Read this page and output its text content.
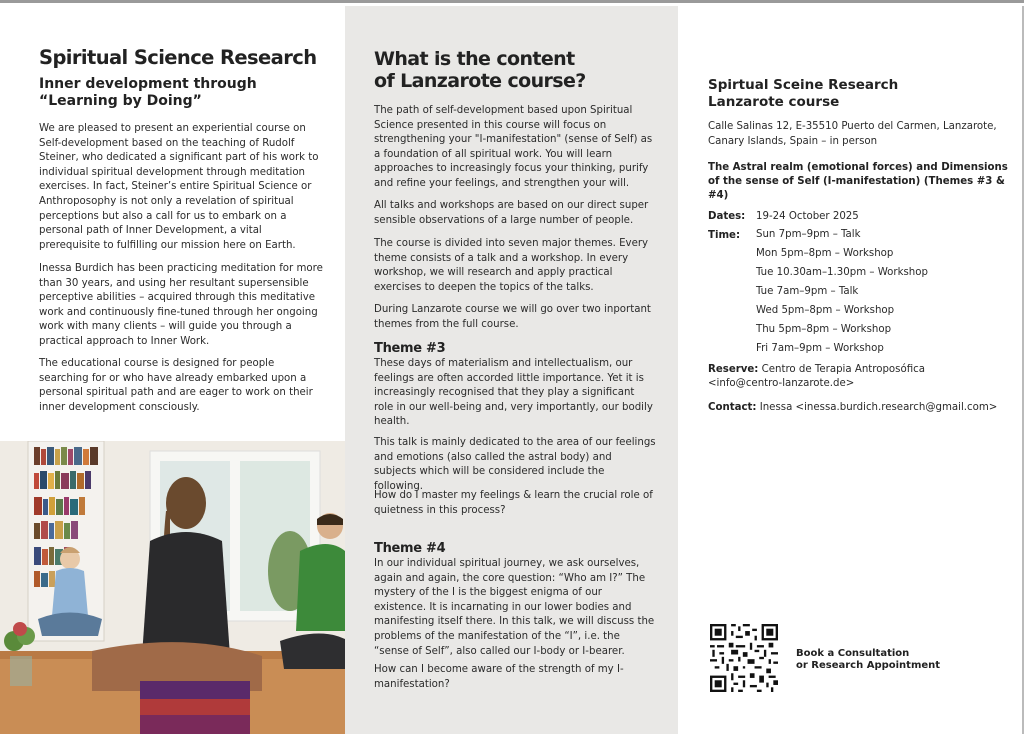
Spiritual Science Research
Inner development through
“Learning by Doing”

We are pleased to present an experiential course on Self-development based on the teaching of Rudolf Steiner, who dedicated a significant part of his work to individual spiritual development through meditation exercises. In fact, Steiner’s entire Spiritual Science or Anthroposophy is not only a revelation of spiritual perceptions but also a call for us to embark on a personal path of Inner Development, a vital prerequisite to fulfilling our mission here on Earth.

Inessa Burdich has been practicing meditation for more than 30 years, and using her resultant supersensible perceptive abilities – acquired through this meditative work and continuously fine-tuned through her ongoing work with many clients – will guide you through a practical approach to Inner Work.

The educational course is designed for people searching for or who have already embarked upon a personal spiritual path and are eager to work on their inner development consciously.

What is the content
of Lanzarote course?

The path of self-development based upon Spiritual Science presented in this course will focus on strengthening your "I-manifestation" (sense of Self) as a foundation of all spiritual work. You will learn approaches to increasingly focus your thinking, purify and refine your feelings, and strengthen your will.

All talks and workshops are based on our direct super sensible observations of a large number of people.

The course is divided into seven major themes. Every theme consists of a talk and a workshop. In every workshop, we will research and apply practical exercises to deepen the topics of the talks.

During Lanzarote course we will go over two inportant themes from the full course.

Theme #3

These days of materialism and intellectualism, our feelings are often accorded little importance. Yet it is increasingly recognised that they play a significant role in our well-being and, very importantly, our bodily health.

This talk is mainly dedicated to the area of our feelings and emotions (also called the astral body) and subjects which will be considered include the following.

How do I master my feelings & learn the crucial role of quietness in this process?

Theme #4

In our individual spiritual journey, we ask ourselves, again and again, the core question: “Who am I?” The mystery of the I is the biggest enigma of our existence. It is incarnating in our lower bodies and manifesting itself there. In this talk, we will discuss the problems of the manifestation of the “I”, i.e. the “sense of Self”, also called our I-body or I-bearer.

How can I become aware of the strength of my I-manifestation?

Spirtual Sceine Research
Lanzarote course

Calle Salinas 12, E-35510 Puerto del Carmen, Lanzarote, Canary Islands, Spain – in person

The Astral realm (emotional forces) and Dimensions of the sense of Self (I-manifestation) (Themes #3 & #4)

Dates: 19-24 October 2025
Time: Sun 7pm–9pm – Talk
Mon 5pm–8pm – Workshop
Tue 10.30am–1.30pm – Workshop
Tue 7am–9pm – Talk
Wed 5pm–8pm – Workshop
Thu 5pm–8pm – Workshop
Fri 7am–9pm – Workshop
Reserve: Centro de Terapia Antroposófica
<info@centro-lanzarote.de>
Contact: Inessa <inessa.burdich.research@gmail.com>
Book a Consultation
or Research Appointment
